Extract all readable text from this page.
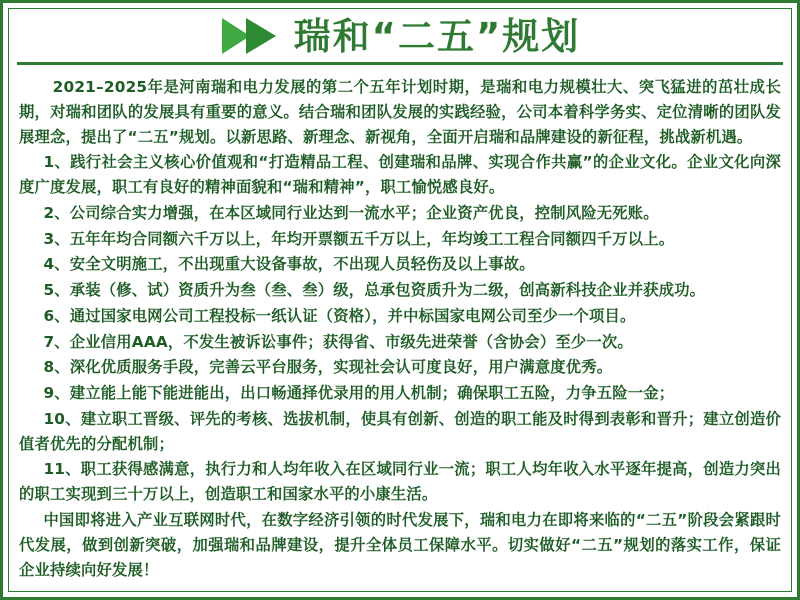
瑞和“二五”规划

2021–2025年是河南瑞和电力发展的第二个五年计划时期，是瑞和电力规模壮大、突飞猛进的茁壮成长期，对瑞和团队的发展具有重要的意义。结合瑞和团队发展的实践经验，公司本着科学务实、定位清晰的团队发展理念，提出了“二五”规划。以新思路、新理念、新视角，全面开启瑞和品牌建设的新征程，挑战新机遇。

1、践行社会主义核心价值观和“打造精品工程、创建瑞和品牌、实现合作共赢”的企业文化。企业文化向深度广度发展，职工有良好的精神面貌和“瑞和精神”，职工愉悦感良好。

2、公司综合实力增强，在本区域同行业达到一流水平；企业资产优良，控制风险无死账。

3、五年年均合同额六千万以上，年均开票额五千万以上，年均竣工工程合同额四千万以上。

4、安全文明施工，不出现重大设备事故，不出现人员轻伤及以上事故。

5、承装（修、试）资质升为叁（叁、叁）级，总承包资质升为二级，创高新科技企业并获成功。

6、通过国家电网公司工程投标一纸认证（资格），并中标国家电网公司至少一个项目。

7、企业信用AAA，不发生被诉讼事件；获得省、市级先进荣誉（含协会）至少一次。

8、深化优质服务手段，完善云平台服务，实现社会认可度良好，用户满意度优秀。

9、建立能上能下能进能出，出口畅通择优录用的用人机制；确保职工五险，力争五险一金；

10、建立职工晋级、评先的考核、选拔机制，使具有创新、创造的职工能及时得到表彰和晋升；建立创造价值者优先的分配机制；

11、职工获得感满意，执行力和人均年收入在区域同行业一流；职工人均年收入水平逐年提高，创造力突出的职工实现到三十万以上，创造职工和国家水平的小康生活。

中国即将进入产业互联网时代，在数字经济引领的时代发展下，瑞和电力在即将来临的“二五”阶段会紧跟时代发展，做到创新突破，加强瑞和品牌建设，提升全体员工保障水平。切实做好“二五”规划的落实工作，保证企业持续向好发展！
